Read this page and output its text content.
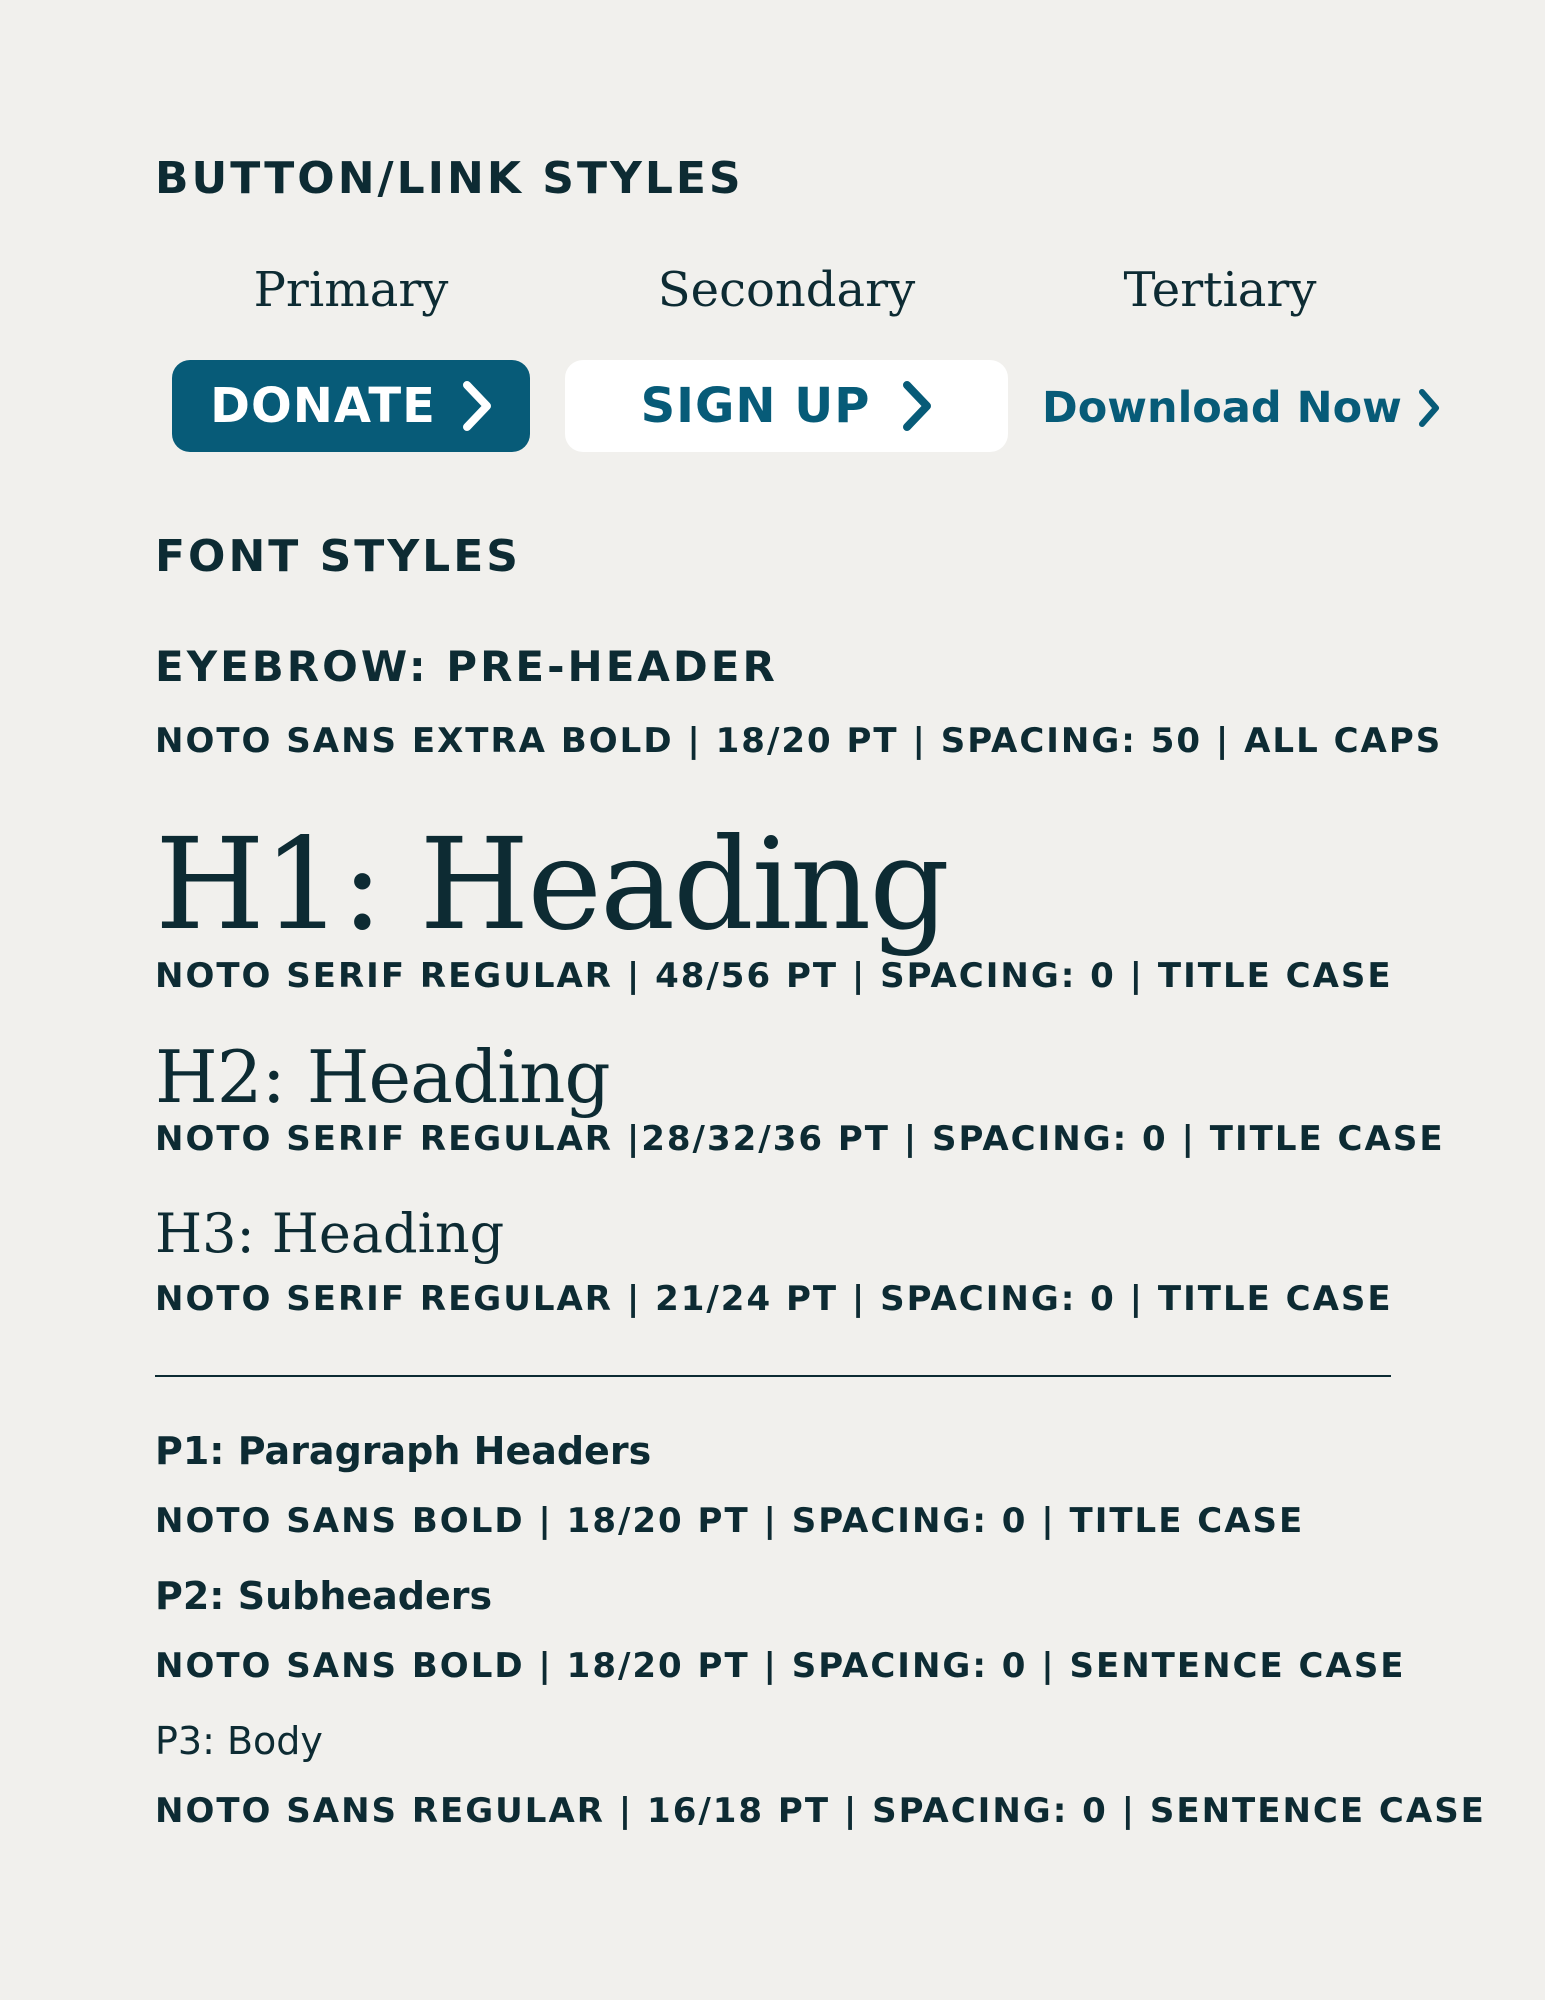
BUTTON/LINK STYLES
Primary	Secondary	Tertiary
DONATE	SIGN UP	Download Now
FONT STYLES
EYEBROW: PRE-HEADER
NOTO SANS EXTRA BOLD | 18/20 PT | SPACING: 50 | ALL CAPS
H1: Heading
NOTO SERIF REGULAR | 48/56 PT | SPACING: 0 | TITLE CASE
H2: Heading
NOTO SERIF REGULAR |28/32/36 PT | SPACING: 0 | TITLE CASE
H3: Heading
NOTO SERIF REGULAR | 21/24 PT | SPACING: 0 | TITLE CASE
P1: Paragraph Headers
NOTO SANS BOLD | 18/20 PT | SPACING: 0 | TITLE CASE
P2: Subheaders
NOTO SANS BOLD | 18/20 PT | SPACING: 0 | SENTENCE CASE
P3: Body
NOTO SANS REGULAR | 16/18 PT | SPACING: 0 | SENTENCE CASE
